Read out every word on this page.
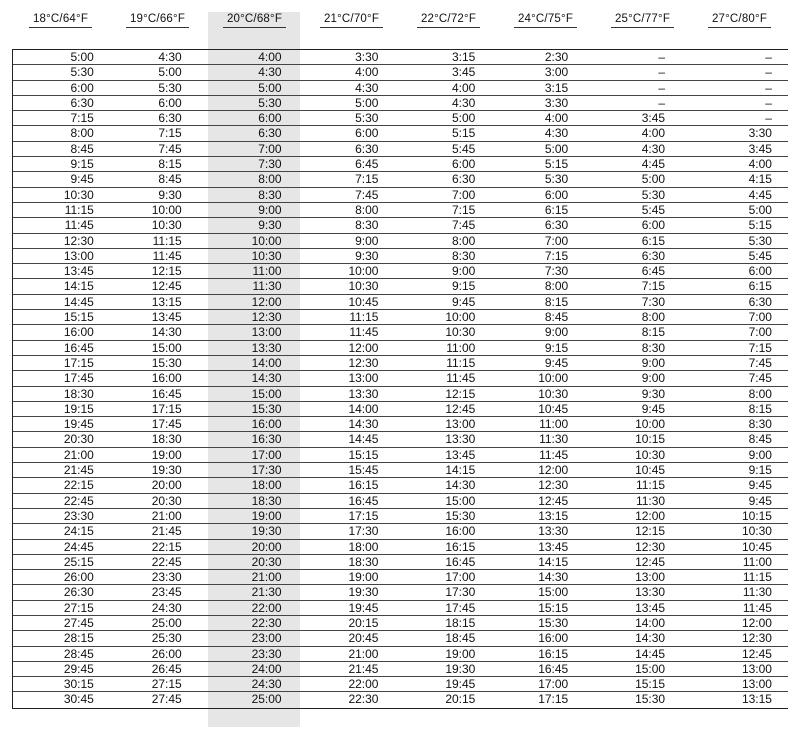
18°C/64°F	19°C/66°F	20°C/68°F	21°C/70°F	22°C/72°F	24°C/75°F	25°C/77°F	27°C/80°F
5:00	4:30	4:00	3:30	3:15	2:30	–	–
5:30	5:00	4:30	4:00	3:45	3:00	–	–
6:00	5:30	5:00	4:30	4:00	3:15	–	–
6:30	6:00	5:30	5:00	4:30	3:30	–	–
7:15	6:30	6:00	5:30	5:00	4:00	3:45	–
8:00	7:15	6:30	6:00	5:15	4:30	4:00	3:30
8:45	7:45	7:00	6:30	5:45	5:00	4:30	3:45
9:15	8:15	7:30	6:45	6:00	5:15	4:45	4:00
9:45	8:45	8:00	7:15	6:30	5:30	5:00	4:15
10:30	9:30	8:30	7:45	7:00	6:00	5:30	4:45
11:15	10:00	9:00	8:00	7:15	6:15	5:45	5:00
11:45	10:30	9:30	8:30	7:45	6:30	6:00	5:15
12:30	11:15	10:00	9:00	8:00	7:00	6:15	5:30
13:00	11:45	10:30	9:30	8:30	7:15	6:30	5:45
13:45	12:15	11:00	10:00	9:00	7:30	6:45	6:00
14:15	12:45	11:30	10:30	9:15	8:00	7:15	6:15
14:45	13:15	12:00	10:45	9:45	8:15	7:30	6:30
15:15	13:45	12:30	11:15	10:00	8:45	8:00	7:00
16:00	14:30	13:00	11:45	10:30	9:00	8:15	7:00
16:45	15:00	13:30	12:00	11:00	9:15	8:30	7:15
17:15	15:30	14:00	12:30	11:15	9:45	9:00	7:45
17:45	16:00	14:30	13:00	11:45	10:00	9:00	7:45
18:30	16:45	15:00	13:30	12:15	10:30	9:30	8:00
19:15	17:15	15:30	14:00	12:45	10:45	9:45	8:15
19:45	17:45	16:00	14:30	13:00	11:00	10:00	8:30
20:30	18:30	16:30	14:45	13:30	11:30	10:15	8:45
21:00	19:00	17:00	15:15	13:45	11:45	10:30	9:00
21:45	19:30	17:30	15:45	14:15	12:00	10:45	9:15
22:15	20:00	18:00	16:15	14:30	12:30	11:15	9:45
22:45	20:30	18:30	16:45	15:00	12:45	11:30	9:45
23:30	21:00	19:00	17:15	15:30	13:15	12:00	10:15
24:15	21:45	19:30	17:30	16:00	13:30	12:15	10:30
24:45	22:15	20:00	18:00	16:15	13:45	12:30	10:45
25:15	22:45	20:30	18:30	16:45	14:15	12:45	11:00
26:00	23:30	21:00	19:00	17:00	14:30	13:00	11:15
26:30	23:45	21:30	19:30	17:30	15:00	13:30	11:30
27:15	24:30	22:00	19:45	17:45	15:15	13:45	11:45
27:45	25:00	22:30	20:15	18:15	15:30	14:00	12:00
28:15	25:30	23:00	20:45	18:45	16:00	14:30	12:30
28:45	26:00	23:30	21:00	19:00	16:15	14:45	12:45
29:45	26:45	24:00	21:45	19:30	16:45	15:00	13:00
30:15	27:15	24:30	22:00	19:45	17:00	15:15	13:00
30:45	27:45	25:00	22:30	20:15	17:15	15:30	13:15
